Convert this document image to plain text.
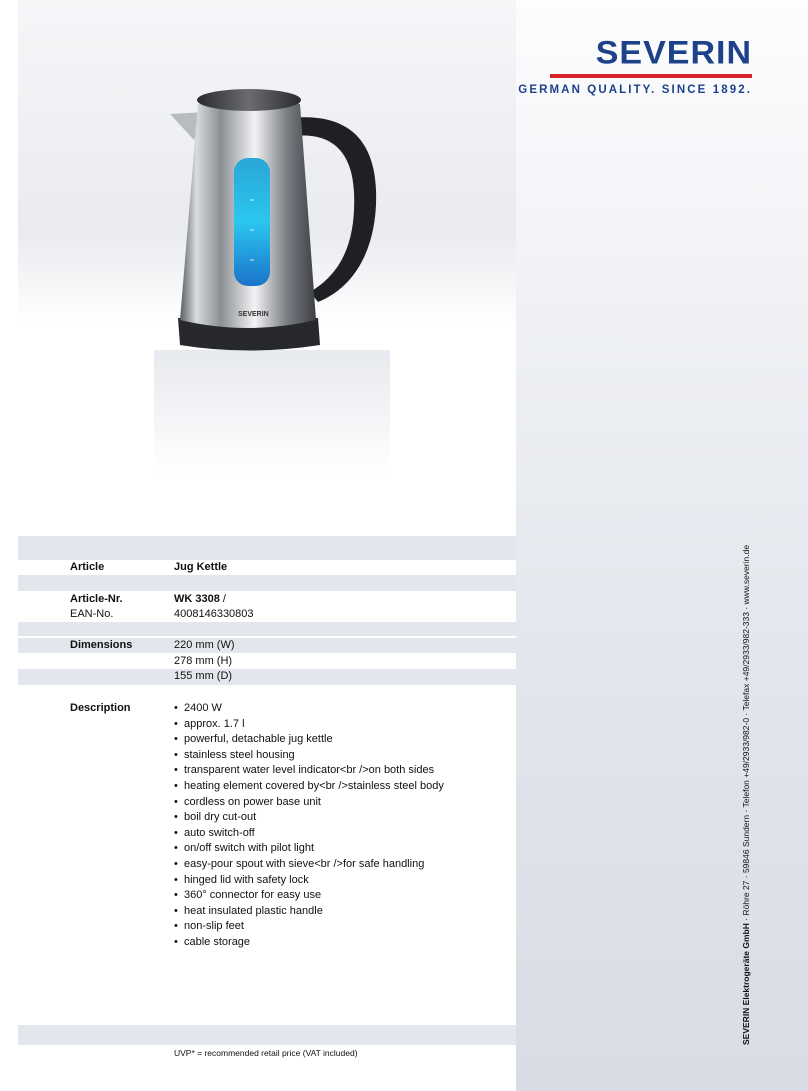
SEVERIN
GERMAN QUALITY. SINCE 1892.
SEVERIN Elektrogeräte GmbH · Röhre 27 · 59846 Sundern · Telefon +49/2933/982-0 · Telefax +49/2933/982-333 · www.severin.de
SEVERIN
Article	Jug Kettle
Article-Nr.	WK 3308 /
EAN-No.	4008146330803
Dimensions	220 mm (W)
278 mm (H)
155 mm (D)
Description
•	2400 W
• approx. 1.7 l
• powerful, detachable jug kettle
• stainless steel housing
• transparent water level indicator<br />on both sides
• heating element covered by<br />stainless steel body
• cordless on power base unit
• boil dry cut-out
• auto switch-off
• on/off switch with pilot light
• easy-pour spout with sieve<br />for safe handling
• hinged lid with safety lock
• 360° connector for easy use
• heat insulated plastic handle
• non-slip feet
• cable storage
UVP* = recommended retail price (VAT included)
